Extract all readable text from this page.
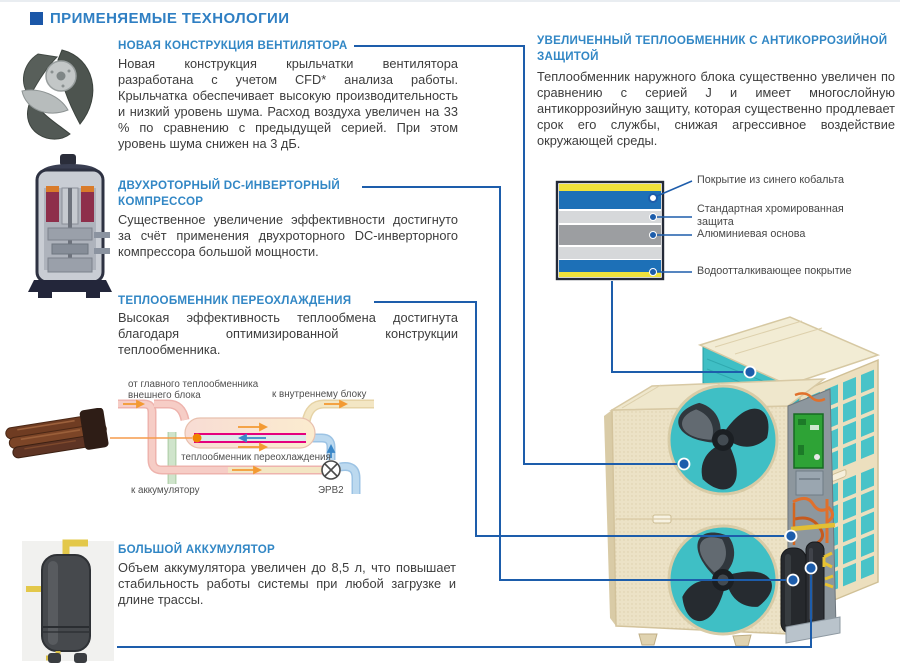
ПРИМЕНЯЕМЫЕ ТЕХНОЛОГИИ
НОВАЯ КОНСТРУКЦИЯ ВЕНТИЛЯТОРА
Новая конструкция крыльчатки вентилятора разработана с учетом CFD* анализа работы. Крыльчатка обеспечивает высокую производительность и низкий уровень шума. Расход воздуха увеличен на 33 % по сравнению с предыдущей серией. При этом уровень шума снижен на 3 дБ.
ДВУХРОТОРНЫЙ DC-ИНВЕРТОРНЫЙ КОМПРЕССОР
Существенное увеличение эффективности достигнуто за счёт применения двухроторного DC-инверторного компрессора большой мощности.
ТЕПЛООБМЕННИК ПЕРЕОХЛАЖДЕНИЯ
Высокая эффективность теплообмена достигнута благодаря оптимизированной конструкции теплообменника.
БОЛЬШОЙ АККУМУЛЯТОР
Объем аккумулятора увеличен до 8,5 л, что повышает стабильность работы системы при любой загрузке и длине трассы.
УВЕЛИЧЕННЫЙ ТЕПЛООБМЕННИК С АНТИКОРРОЗИЙНОЙ ЗАЩИТОЙ
Теплообменник наружного блока существенно увеличен по сравнению с серией J и имеет многослойную антикоррозийную защиту, которая существенно продлевает срок его службы, снижая агрессивное воздействие окружающей среды.
от главного теплообменника внешнего блока	к внутреннему блоку
теплообменник переохлаждения
к аккумулятору	ЭРВ2
Покрытие из синего кобальта
Стандартная хромированная защита
Алюминиевая основа
Водоотталкивающее покрытие
